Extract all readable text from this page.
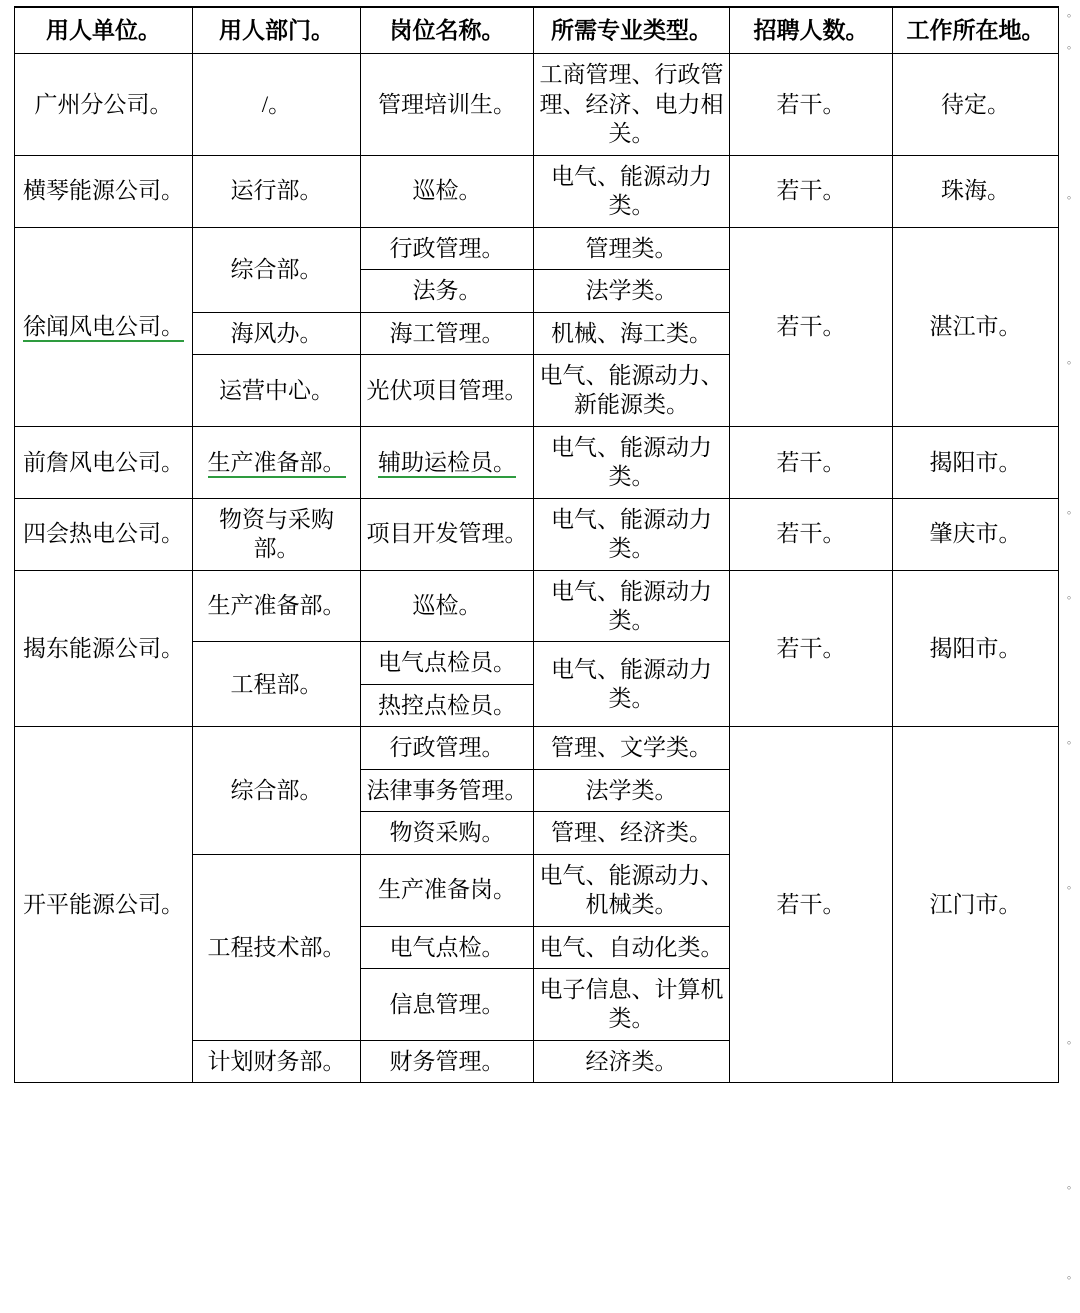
用人单位。	用人部门。	岗位名称。	所需专业类型。	招聘人数。	工作所在地。
广州分公司。	/。	管理培训生。	工商管理、行政管理、经济、电力相关。	若干。	待定。
横琴能源公司。	运行部。	巡检。	电气、能源动力类。	若干。	珠海。
徐闻风电公司。	综合部。	行政管理。	管理类。	若干。	湛江市。
		法务。	法学类。		
	海风办。	海工管理。	机械、海工类。		
	运营中心。	光伏项目管理。	电气、能源动力、新能源类。		
前詹风电公司。	生产准备部。	辅助运检员。	电气、能源动力类。	若干。	揭阳市。
四会热电公司。	物资与采购部。	项目开发管理。	电气、能源动力类。	若干。	肇庆市。
揭东能源公司。	生产准备部。	巡检。	电气、能源动力类。	若干。	揭阳市。
	工程部。	电气点检员。	电气、能源动力类。		
		热控点检员。			
开平能源公司。	综合部。	行政管理。	管理、文学类。	若干。	江门市。
		法律事务管理。	法学类。		
		物资采购。	管理、经济类。		
	工程技术部。	生产准备岗。	电气、能源动力、机械类。		
		电气点检。	电气、自动化类。		
		信息管理。	电子信息、计算机类。		
	计划财务部。	财务管理。	经济类。		
。
。
。
。
。
。
。
。
。
。
。
